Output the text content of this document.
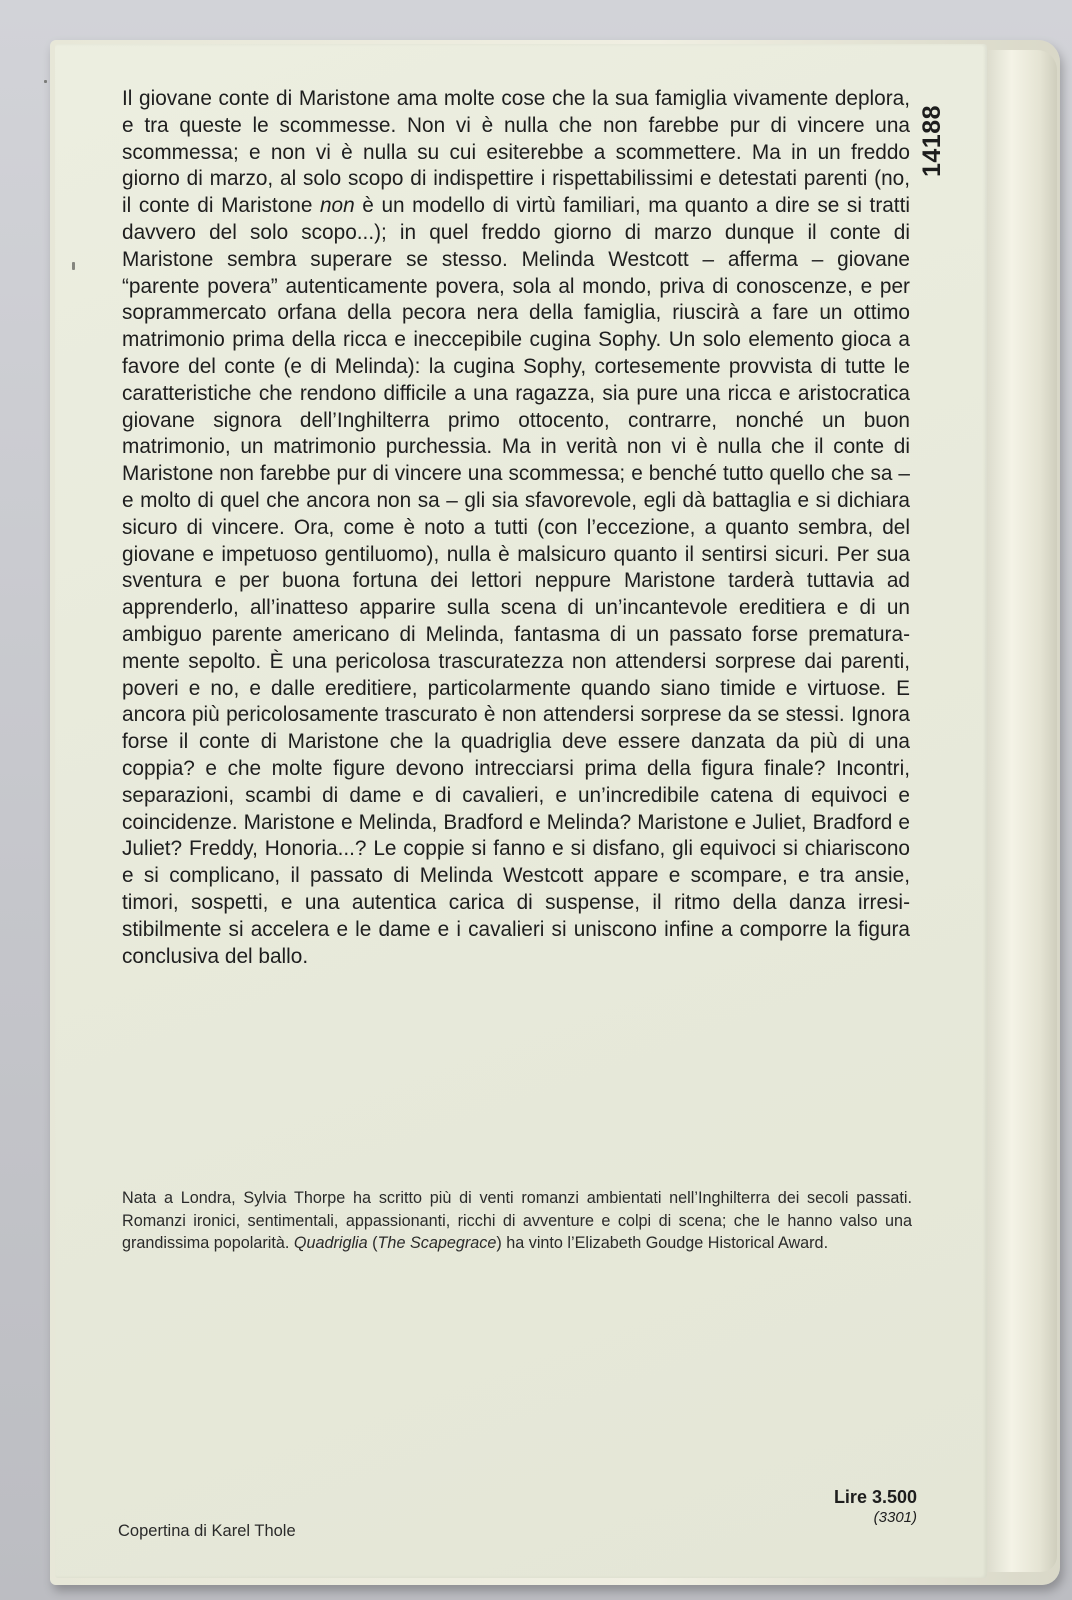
14188

Il giovane conte di Maristone ama molte cose che la sua famiglia vivamente deplora, e tra queste le scommesse. Non vi è nulla che non farebbe pur di vincere una scommessa; e non vi è nulla su cui esiterebbe a scommettere. Ma in un freddo giorno di marzo, al solo scopo di indispettire i rispettabilissimi e detestati parenti (no, il conte di Maristone non è un modello di virtù familiari, ma quanto a dire se si tratti davvero del solo scopo...); in quel freddo giorno di marzo dunque il conte di Maristone sembra superare se stesso. Melinda Westcott – afferma – giovane “parente povera” autenticamente povera, sola al mondo, priva di conoscenze, e per soprammercato orfana della pecora nera della famiglia, riuscirà a fare un ottimo matrimonio prima della ricca e ineccepibile cugina Sophy. Un solo elemento gioca a favore del conte (e di Melinda): la cugina Sophy, cortesemente provvista di tutte le caratteristiche che rendono difficile a una ragazza, sia pure una ricca e aristocratica giovane signora dell’Inghilterra primo ottocento, contrarre, nonché un buon matrimonio, un matrimonio purchessia. Ma in verità non vi è nulla che il conte di Maristone non farebbe pur di vincere una scommessa; e benché tutto quello che sa – e molto di quel che ancora non sa – gli sia sfavorevole, egli dà battaglia e si dichiara sicuro di vincere. Ora, come è noto a tutti (con l’eccezione, a quanto sembra, del giovane e impetuoso gentiluomo), nulla è malsicuro quanto il sentirsi sicuri. Per sua sventura e per buona fortuna dei lettori neppure Maristone tarderà tuttavia ad apprenderlo, all’inatteso apparire sulla scena di un’incantevole ereditiera e di un ambiguo parente americano di Melinda, fantasma di un passato forse prematuramente sepolto. È una pericolosa trascuratezza non attendersi sorprese dai parenti, poveri e no, e dalle ereditiere, particolarmente quando siano timide e virtuose. E ancora più pericolosamente trascurato è non attendersi sorprese da se stessi. Ignora forse il conte di Maristone che la quadriglia deve essere danzata da più di una coppia? e che molte figure devono intrecciarsi prima della figura finale? Incontri, separazioni, scambi di dame e di cavalieri, e un’incredibile catena di equivoci e coincidenze. Maristone e Melinda, Bradford e Melinda? Maristone e Juliet, Bradford e Juliet? Freddy, Honoria...? Le coppie si fanno e si disfano, gli equivoci si chiariscono e si complicano, il passato di Melinda Westcott appare e scompare, e tra ansie, timori, sospetti, e una autentica carica di suspense, il ritmo della danza irresistibilmente si accelera e le dame e i cavalieri si uniscono infine a comporre la figura conclusiva del ballo.

Nata a Londra, Sylvia Thorpe ha scritto più di venti romanzi ambientati nell’Inghilterra dei secoli passati. Romanzi ironici, sentimentali, appassionanti, ricchi di avventure e colpi di scena; che le hanno valso una grandissima popolarità. Quadriglia (The Scapegrace) ha vinto l’Elizabeth Goudge Historical Award.

Lire 3.500
(3301)
Copertina di Karel Thole
